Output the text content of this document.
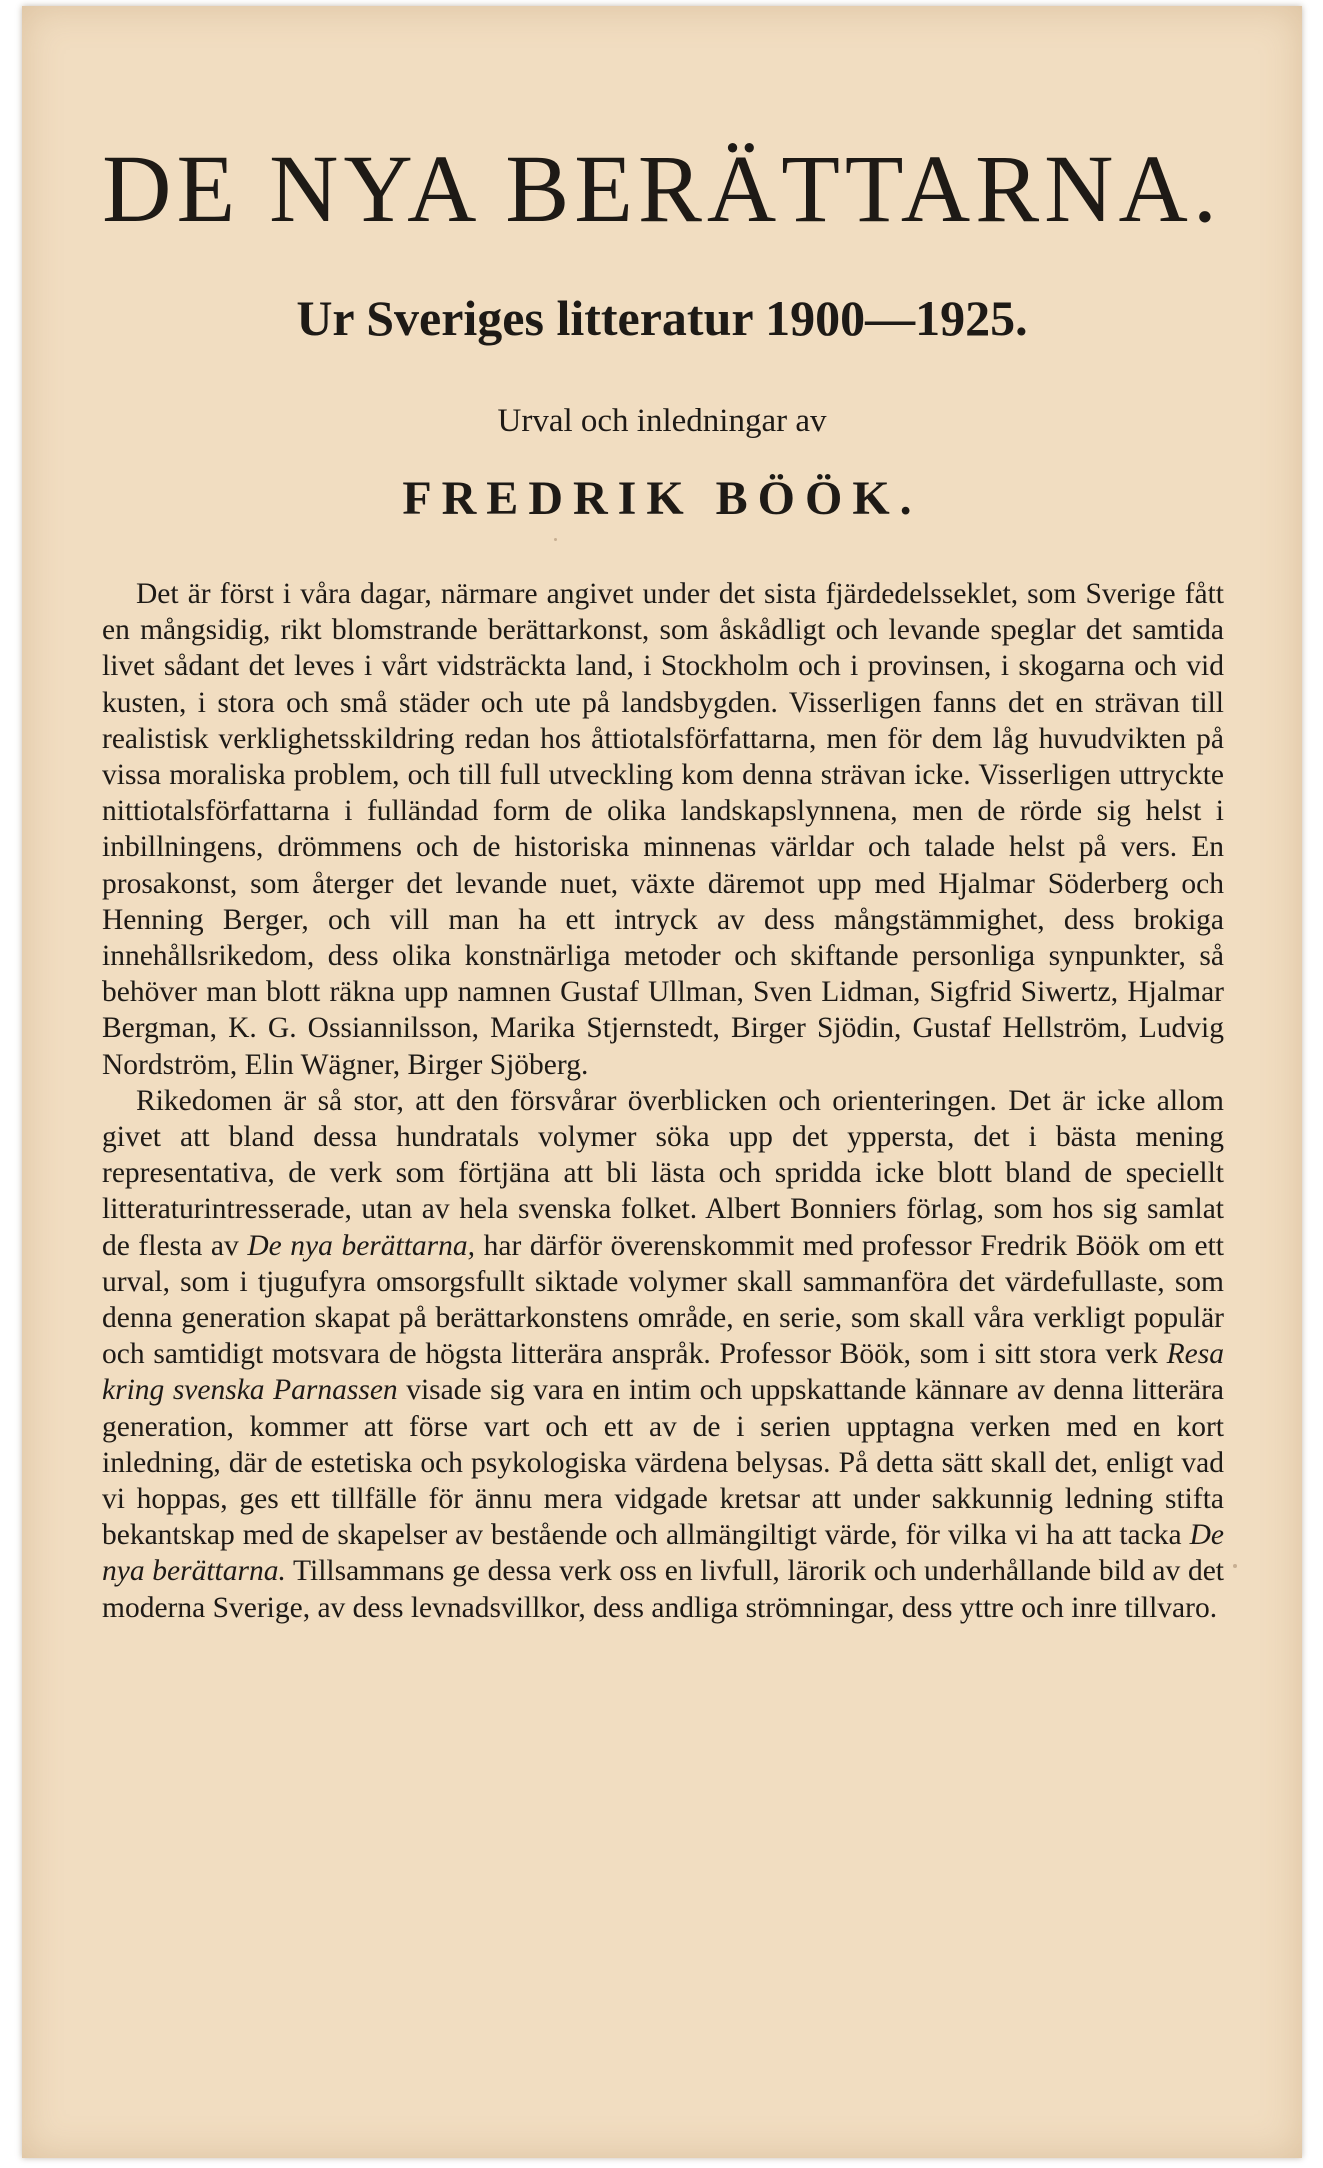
DE NYA BERÄTTARNA.
Ur Sveriges litteratur 1900—1925.
Urval och inledningar av
FREDRIK BÖÖK.

Det är först i våra dagar, närmare angivet under det sista fjärdedelsseklet, som Sverige fått en mångsidig, rikt blomstrande berättarkonst, som åskådligt och levande speglar det samtida livet sådant det leves i vårt vidsträckta land, i Stockholm och i provinsen, i skogarna och vid kusten, i stora och små städer och ute på landsbygden. Visserligen fanns det en strävan till realistisk verklighetsskildring redan hos åttiotalsförfattarna, men för dem låg huvudvikten på vissa moraliska problem, och till full utveckling kom denna strävan icke. Visserligen uttryckte nittiotalsförfattarna i fulländad form de olika landskapslynnena, men de rörde sig helst i inbillningens, drömmens och de historiska minnenas världar och talade helst på vers. En prosakonst, som återger det levande nuet, växte däremot upp med Hjalmar Söderberg och Henning Berger, och vill man ha ett intryck av dess mångstämmighet, dess brokiga innehållsrikedom, dess olika konstnärliga metoder och skiftande personliga synpunkter, så behöver man blott räkna upp namnen Gustaf Ullman, Sven Lidman, Sigfrid Siwertz, Hjalmar Bergman, K. G. Ossiannilsson, Marika Stjernstedt, Birger Sjödin, Gustaf Hellström, Ludvig Nordström, Elin Wägner, Birger Sjöberg.

Rikedomen är så stor, att den försvårar överblicken och orienteringen. Det är icke allom givet att bland dessa hundratals volymer söka upp det yppersta, det i bästa mening representativa, de verk som förtjäna att bli lästa och spridda icke blott bland de speciellt litteraturintresserade, utan av hela svenska folket. Albert Bonniers förlag, som hos sig samlat de flesta av De nya berättarna, har därför överenskommit med professor Fredrik Böök om ett urval, som i tjugufyra omsorgsfullt siktade volymer skall sammanföra det värdefullaste, som denna generation skapat på berättarkonstens område, en serie, som skall våra verkligt populär och samtidigt motsvara de högsta litterära anspråk. Professor Böök, som i sitt stora verk Resa kring svenska Parnassen visade sig vara en intim och uppskattande kännare av denna litterära generation, kommer att förse vart och ett av de i serien upptagna verken med en kort inledning, där de estetiska och psykologiska värdena belysas. På detta sätt skall det, enligt vad vi hoppas, ges ett tillfälle för ännu mera vidgade kretsar att under sakkunnig ledning stifta bekantskap med de skapelser av bestående och allmängiltigt värde, för vilka vi ha att tacka De nya berättarna. Tillsammans ge dessa verk oss en livfull, lärorik och underhållande bild av det moderna Sverige, av dess levnadsvillkor, dess andliga strömningar, dess yttre och inre tillvaro.
